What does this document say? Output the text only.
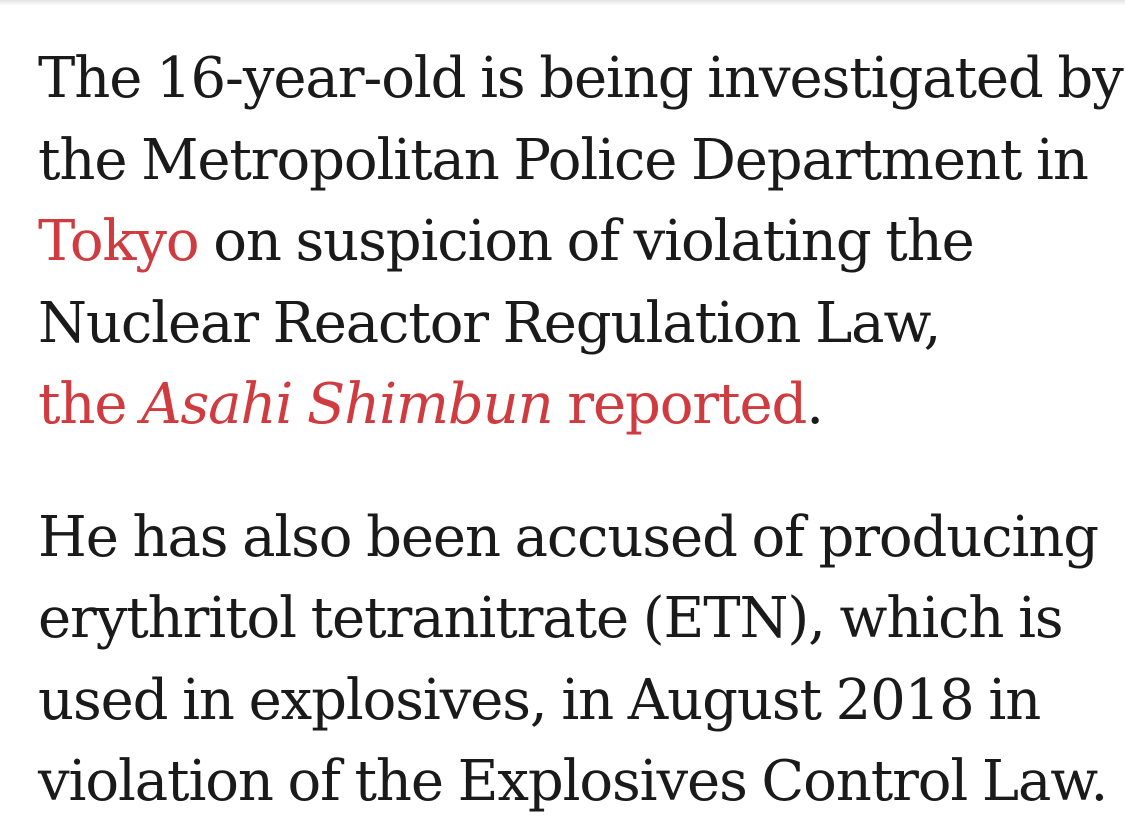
The 16-year-old is being investigated by
the Metropolitan Police Department in
Tokyo on suspicion of violating the
Nuclear Reactor Regulation Law,
the Asahi Shimbun reported.

He has also been accused of producing
erythritol tetranitrate (ETN), which is
used in explosives, in August 2018 in
violation of the Explosives Control Law.
